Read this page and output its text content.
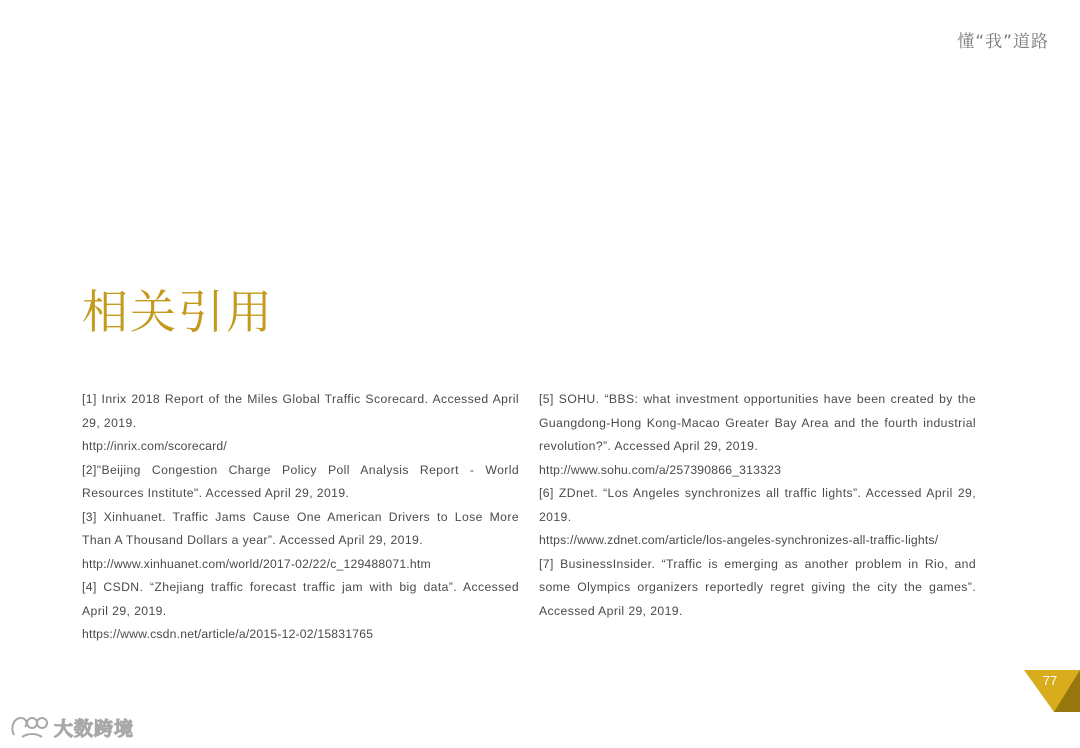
懂“我”道路
相关引用

[1] Inrix 2018 Report of the Miles Global Traffic Scorecard. Accessed April 29, 2019.

http://inrix.com/scorecard/

[2]"Beijing Congestion Charge Policy Poll Analysis Report - World Resources Institute". Accessed April 29, 2019.

[3] Xinhuanet. Traffic Jams Cause One American Drivers to Lose More Than A Thousand Dollars a year”. Accessed April 29, 2019.

http://www.xinhuanet.com/world/2017-02/22/c_129488071.htm

[4] CSDN. “Zhejiang traffic forecast traffic jam with big data”. Accessed April 29, 2019.

https://www.csdn.net/article/a/2015-12-02/15831765

[5] SOHU. “BBS: what investment opportunities have been created by the Guangdong-Hong Kong-Macao Greater Bay Area and the fourth industrial revolution?”. Accessed April 29, 2019.

http://www.sohu.com/a/257390866_313323

[6] ZDnet. “Los Angeles synchronizes all traffic lights”. Accessed April 29, 2019.

https://www.zdnet.com/article/los-angeles-synchronizes-all-traffic-lights/

[7] BusinessInsider. “Traffic is emerging as another problem in Rio, and some Olympics organizers reportedly regret giving the city the games”. Accessed April 29, 2019.

77
大数跨境
